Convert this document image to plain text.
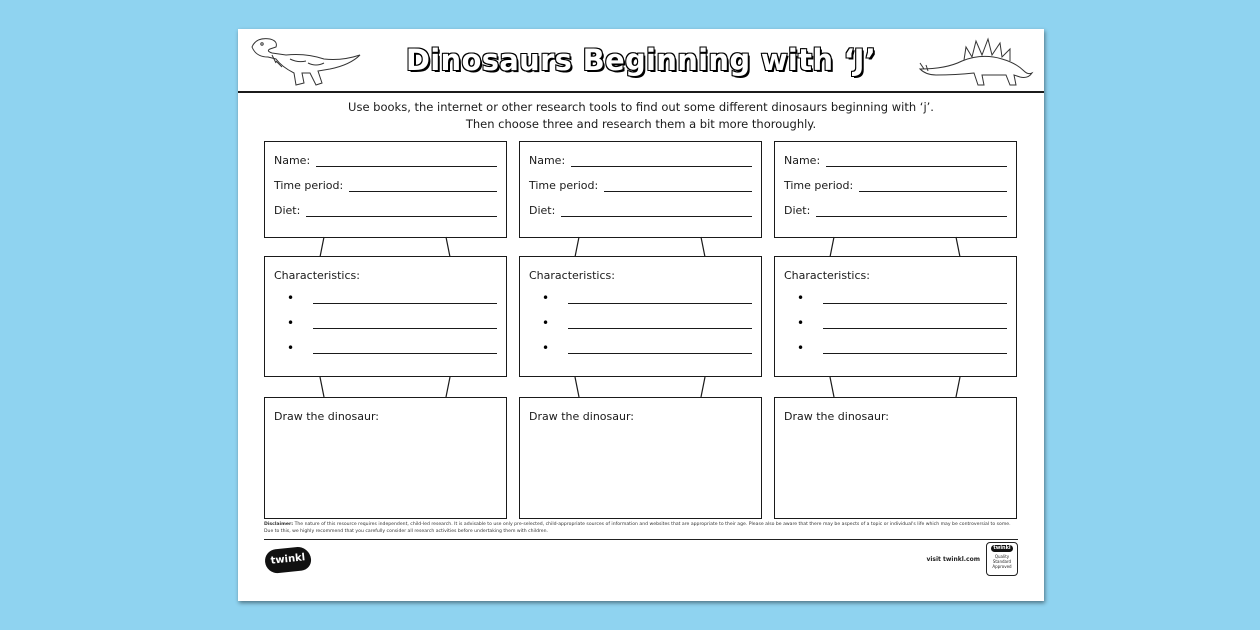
Dinosaurs Beginning with ‘J’
Use books, the internet or other research tools to find out some different dinosaurs beginning with ‘j’.
Then choose three and research them a bit more thoroughly.
Name:
Time period:
Diet:
Characteristics:
•
•
•
Draw the dinosaur:
Name:
Time period:
Diet:
Characteristics:
•
•
•
Draw the dinosaur:
Name:
Time period:
Diet:
Characteristics:
•
•
•
Draw the dinosaur:
Disclaimer: The nature of this resource requires independent, child-led research. It is advisable to use only pre-selected, child-appropriate sources of information and websites that are appropriate to their age. Please also be aware that there may be aspects of a topic or individual's life which may be controversial to some. Due to this, we highly recommend that you carefully consider all research activities before undertaking them with children.
twinkl	visit twinkl.com
twinkl
Quality Standard Approved
